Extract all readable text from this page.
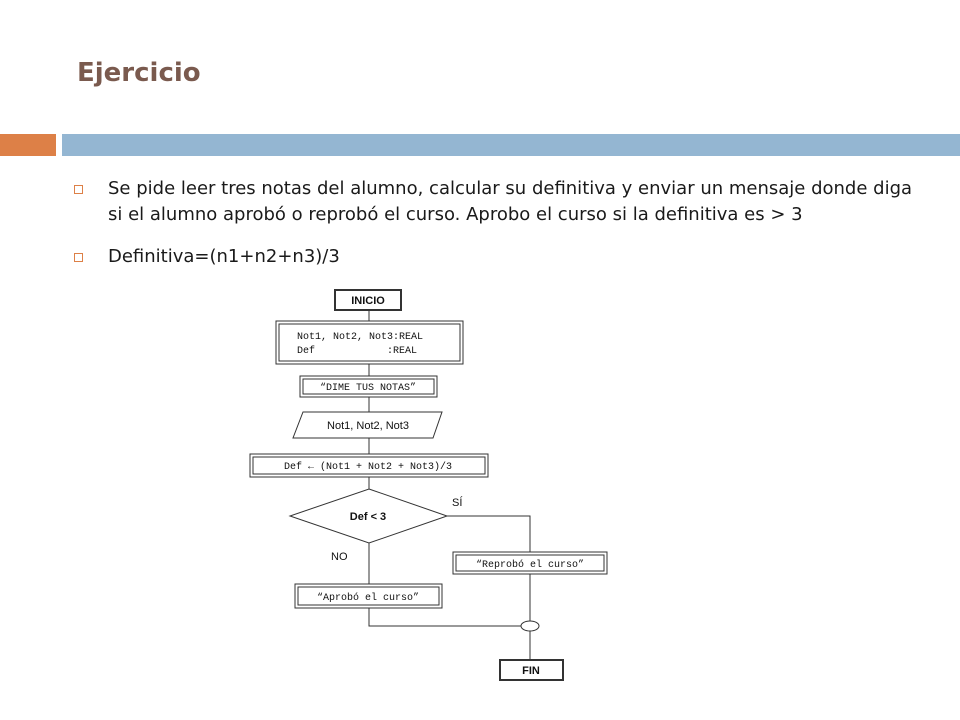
Ejercicio
Se pide leer tres notas del alumno, calcular su definitiva y enviar un mensaje donde diga si el alumno aprobó o reprobó el curso. Aprobo el curso si la definitiva es > 3
Definitiva=(n1+n2+n3)/3
INICIO
Not1, Not2, Not3:REAL
Def            :REAL
“DIME TUS NOTAS”
Not1, Not2, Not3
Def ← (Not1 + Not2 + Not3)/3
Def < 3
SÍ
NO
“Reprobó el curso”
“Aprobó el curso”
FIN
